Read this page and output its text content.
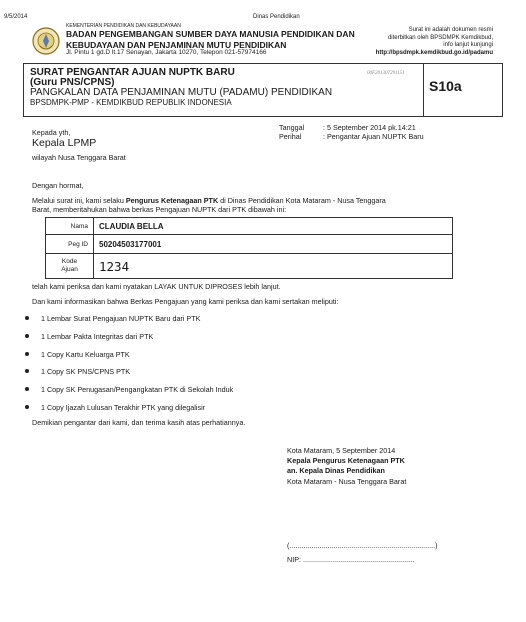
9/5/2014	Dinas Pendidikan
KEMENTERIAN PENDIDIKAN DAN KEBUDAYAAN
BADAN PENGEMBANGAN SUMBER DAYA MANUSIA PENDIDIKAN DAN
KEBUDAYAAN DAN PENJAMINAN MUTU PENDIDIKAN
Jl. Pintu 1 gd.D lt.17 Senayan, Jakarta 10270, Telepon 021-57974166
Surat ini adalah dokumen resmi
diterbitkan oleh BPSDMPK Kemdikbud,
info lanjut kunjungi
http://bpsdmpk.kemdikbud.go.id/padamu
SURAT PENGANTAR AJUAN NUPTK BARU
(Guru PNS/CPNS)
PANGKALAN DATA PENJAMINAN MUTU (PADAMU) PENDIDIKAN
BPSDMPK-PMP - KEMDIKBUD REPUBLIK INDONESIA
00F201307291151
S10a
Tanggal	: 5 September 2014 pk.14:21
Perihal	: Pengantar Ajuan NUPTK Baru
Kepada yth,
Kepala LPMP
wilayah Nusa Tenggara Barat
Dengan hormat,
Melalui surat ini, kami selaku Pengurus Ketenagaan PTK di Dinas Pendidikan Kota Mataram - Nusa Tenggara
Barat, memberitahukan bahwa berkas Pengajuan NUPTK dari PTK dibawah ini:
Nama	CLAUDIA BELLA
Peg ID	50204503177001

Kode
Ajuan	1234
telah kami periksa dan kami nyatakan LAYAK UNTUK DIPROSES lebih lanjut.
Dan kami informasikan bahwa Berkas Pengajuan yang kami periksa dan kami sertakan meliputi:
1 Lembar Surat Pengajuan NUPTK Baru dari PTK
1 Lembar Pakta Integritas dari PTK
1 Copy Kartu Keluarga PTK
1 Copy SK PNS/CPNS PTK
1 Copy SK Penugasan/Pengangkatan PTK di Sekolah Induk
1 Copy Ijazah Lulusan Terakhir PTK yang dilegalisir
Demikian pengantar dari kami, dan terima kasih atas perhatiannya.
Kota Mataram, 5 September 2014
Kepala Pengurus Ketenagaan PTK
an. Kepala Dinas Pendidikan
Kota Mataram - Nusa Tenggara Barat
(.........................................................................)
NIP: ........................................................
